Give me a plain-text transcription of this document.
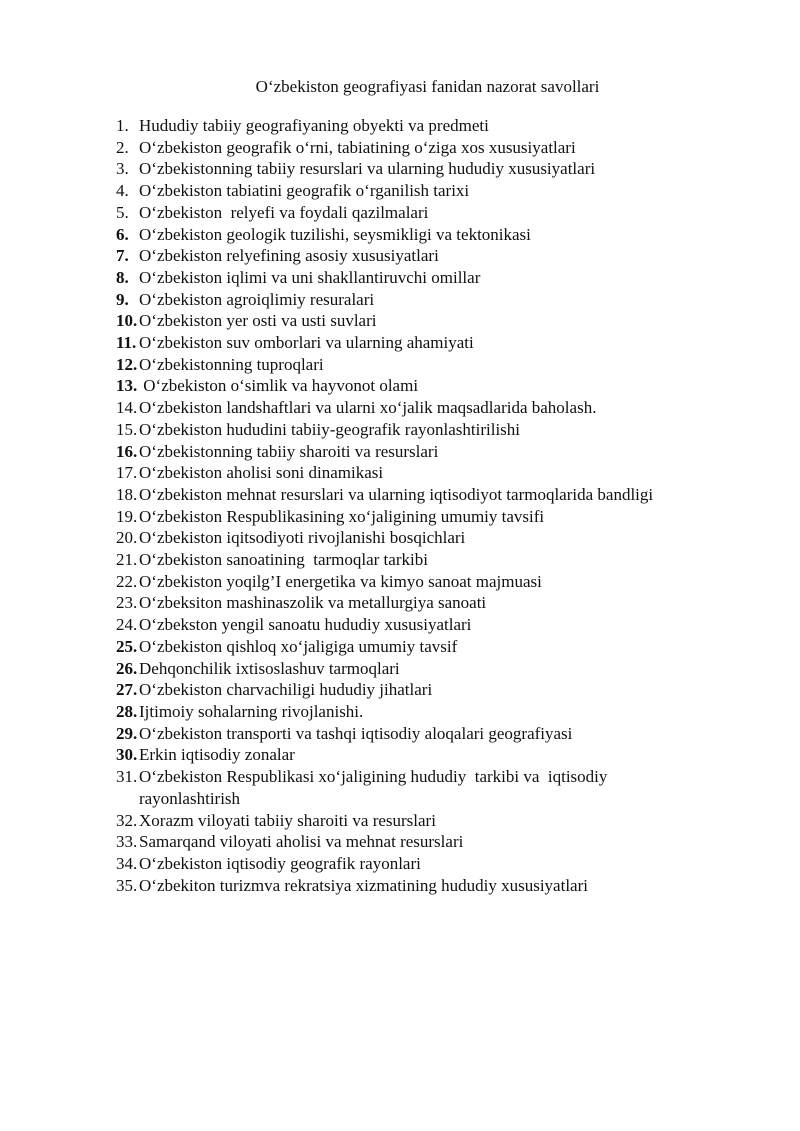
O‘zbekiston geografiyasi fanidan nazorat savollari
1. Hududiy tabiiy geografiyaning obyekti va predmeti
2. O‘zbekiston geografik o‘rni, tabiatining o‘ziga xos xususiyatlari
3. O‘zbekistonning tabiiy resurslari va ularning hududiy xususiyatlari
4. O‘zbekiston tabiatini geografik o‘rganilish tarixi
5. O‘zbekiston  relyefi va foydali qazilmalari
6. O‘zbekiston geologik tuzilishi, seysmikligi va tektonikasi
7. O‘zbekiston relyefining asosiy xususiyatlari
8. O‘zbekiston iqlimi va uni shakllantiruvchi omillar
9. O‘zbekiston agroiqlimiy resuralari
10. O‘zbekiston yer osti va usti suvlari
11. O‘zbekiston suv omborlari va ularning ahamiyati
12. O‘zbekistonning tuproqlari
13. O‘zbekiston o‘simlik va hayvonot olami
14. O‘zbekiston landshaftlari va ularni xo‘jalik maqsadlarida baholash.
15. O‘zbekiston hududini tabiiy-geografik rayonlashtirilishi
16. O‘zbekistonning tabiiy sharoiti va resurslari
17. O‘zbekiston aholisi soni dinamikasi
18. O‘zbekiston mehnat resurslari va ularning iqtisodiyot tarmoqlarida bandligi
19. O‘zbekiston Respublikasining xo‘jaligining umumiy tavsifi
20. O‘zbekiston iqitsodiyoti rivojlanishi bosqichlari
21. O‘zbekiston sanoatining  tarmoqlar tarkibi
22. O‘zbekiston yoqilg’I energetika va kimyo sanoat majmuasi
23. O‘zbeksiton mashinaszolik va metallurgiya sanoati
24. O‘zbekston yengil sanoatu hududiy xususiyatlari
25. O‘zbekiston qishloq xo‘jaligiga umumiy tavsif
26. Dehqonchilik ixtisoslashuv tarmoqlari
27. O‘zbekiston charvachiligi hududiy jihatlari
28. Ijtimoiy sohalarning rivojlanishi.
29. O‘zbekiston transporti va tashqi iqtisodiy aloqalari geografiyasi
30. Erkin iqtisodiy zonalar
31. O‘zbekiston Respublikasi xo‘jaligining hududiy  tarkibi va  iqtisodiy
rayonlashtirish
32. Xorazm viloyati tabiiy sharoiti va resurslari
33. Samarqand viloyati aholisi va mehnat resurslari
34. O‘zbekiston iqtisodiy geografik rayonlari
35. O‘zbekiton turizmva rekratsiya xizmatining hududiy xususiyatlari
